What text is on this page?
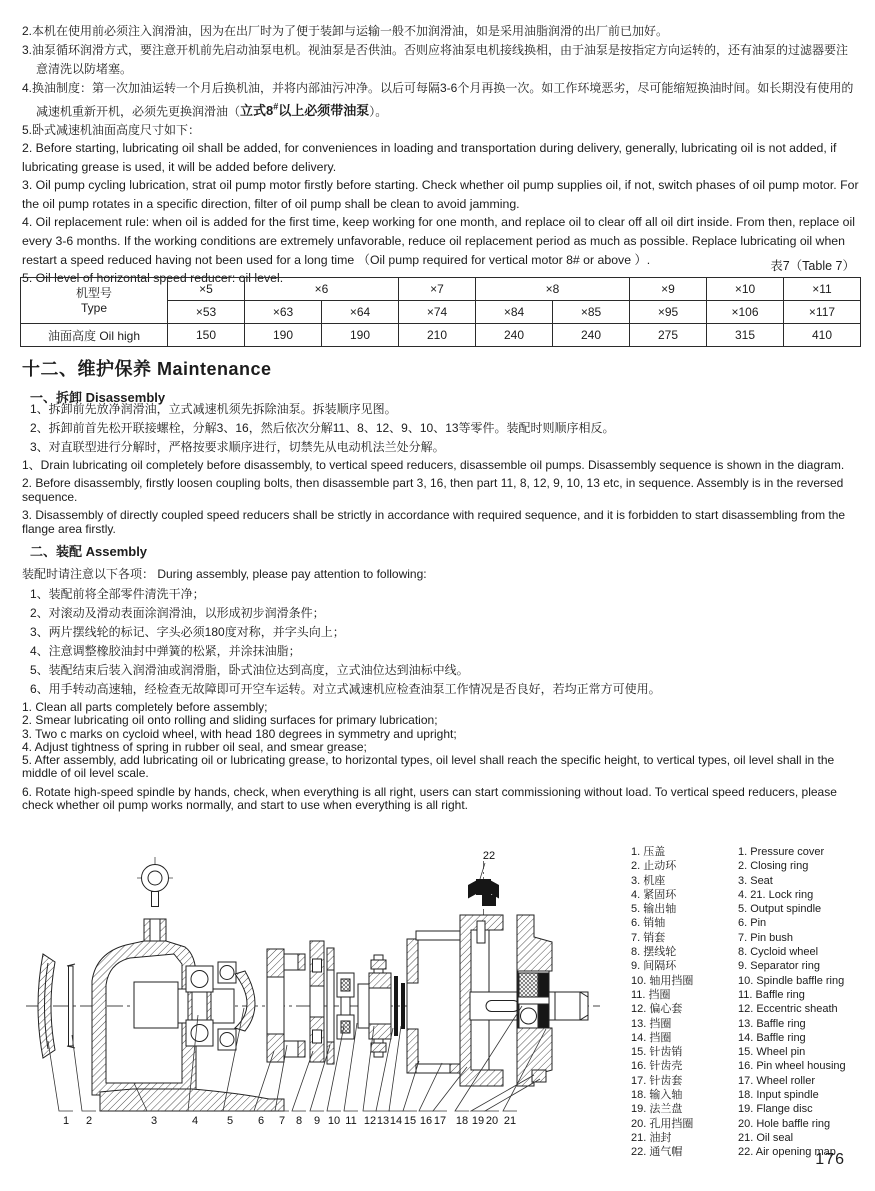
2.本机在使用前必须注入润滑油，因为在出厂时为了便于装卸与运输一般不加润滑油，如是采用油脂润滑的出厂前已加好。

3.油泵循环润滑方式，要注意开机前先启动油泵电机。视油泵是否供油。否则应将油泵电机接线换相，由于油泵是按指定方向运转的，还有油泵的过滤器要注意清洗以防堵塞。

4.换油制度：第一次加油运转一个月后换机油，并将内部油污冲净。以后可每隔3-6个月再换一次。如工作环境恶劣，尽可能缩短换油时间。如长期没有使用的减速机重新开机，必须先更换润滑油（立式8#以上必须带油泵）。

5.卧式减速机油面高度尺寸如下：

2. Before starting, lubricating oil shall be added, for conveniences in loading and transportation during delivery, generally, lubricating oil is not added, if lubricating grease is used, it will be added before delivery.

3. Oil pump cycling lubrication, strat oil pump motor firstly before starting. Check whether oil pump supplies oil, if not, switch phases of oil pump motor. For the oil pump rotates in a specific direction, filter of oil pump shall be clean to avoid jamming.

4. Oil replacement rule: when oil is added for the first time, keep working for one month, and replace oil to clear off all oil dirt inside. From then, replace oil every 3-6 months. If the working conditions are extremely unfavorable, reduce oil replacement period as much as possible. Replace lubricating oil when restart a speed reduced having not been used for a long time （Oil pump required for vertical motor 8# or above ）.

5. Oil level of horizontal speed reducer: oil level.

表7（Table 7）
机型号
Type	×5	×6		×7	×8		×9	×10	×11
	×53	×63	×64	×74	×84	×85	×95	×106	×117
油面高度 Oil high	150	190	190	210	240	240	275	315	410
十二、维护保养 Maintenance
一、拆卸 Disassembly

1、拆卸前先放净润滑油，立式减速机须先拆除油泵。拆装顺序见图。

2、拆卸前首先松开联接螺栓，分解3、16，然后依次分解11、8、12、9、10、13等零件。装配时则顺序相反。

3、对直联型进行分解时，严格按要求顺序进行，切禁先从电动机法兰处分解。

1、Drain lubricating oil completely before disassembly, to vertical speed reducers, disassemble oil pumps. Disassembly sequence is shown in the diagram.

2. Before disassembly, firstly loosen coupling bolts, then disassemble part 3, 16, then part 11, 8, 12, 9, 10, 13 etc, in sequence. Assembly is in the reversed sequence.

3. Disassembly of directly coupled speed reducers shall be strictly in accordance with required sequence, and it is forbidden to start disassembling from the flange area firstly.

二、装配 Assembly
装配时请注意以下各项： During assembly, please pay attention to following:

1、装配前将全部零件清洗干净；

2、对滚动及滑动表面涂润滑油，以形成初步润滑条件；

3、两片摆线轮的标记、字头必须180度对称，并字头向上；

4、注意调整橡胶油封中弹簧的松紧，并涂抹油脂；

5、装配结束后装入润滑油或润滑脂，卧式油位达到高度，立式油位达到油标中线。

6、用手转动高速轴，经检查无故障即可开空车运转。对立式减速机应检查油泵工作情况是否良好，若均正常方可使用。

1. Clean all parts completely before assembly;

2. Smear lubricating oil onto rolling and sliding surfaces for primary lubrication;

3. Two c marks on cycloid wheel, with head 180 degrees in symmetry and upright;

4. Adjust tightness of spring in rubber oil seal, and smear grease;

5. After assembly, add lubricating oil or lubricating grease, to horizontal types, oil level shall reach the specific height, to vertical types, oil level shall in the middle of oil level scale.

6. Rotate high-speed spindle by hands, check, when everything is all right, users can start commissioning without load. To vertical speed reducers, please check whether oil pump works normally, and start to use when everything is all right.

1 2	3	4	5 6 7 8 9 10 11 12 13 14 15 16 17 18 19 20 21
22	1. 压盖
2. 止动环
3. 机座
4. 紧固环
5. 输出轴
6. 销轴
7. 销套
8. 摆线轮
9. 间隔环
10. 轴用挡圈
11. 挡圈
12. 偏心套
13. 挡圈
14. 挡圈
15. 针齿销
16. 针齿壳
17. 针齿套
18. 输入轴
19. 法兰盘
20. 孔用挡圈
21. 油封
22. 通气帽
1. Pressure cover
2. Closing ring
3. Seat
4. 21. Lock ring
5. Output spindle
6. Pin
7. Pin bush
8. Cycloid wheel
9. Separator ring
10. Spindle baffle ring
11. Baffle ring
12. Eccentric sheath
13. Baffle ring
14. Baffle ring
15. Wheel pin
16. Pin wheel housing
17. Wheel roller
18. Input spindle
19. Flange disc
20. Hole baffle ring
21. Oil seal
22. Air opening map
176
